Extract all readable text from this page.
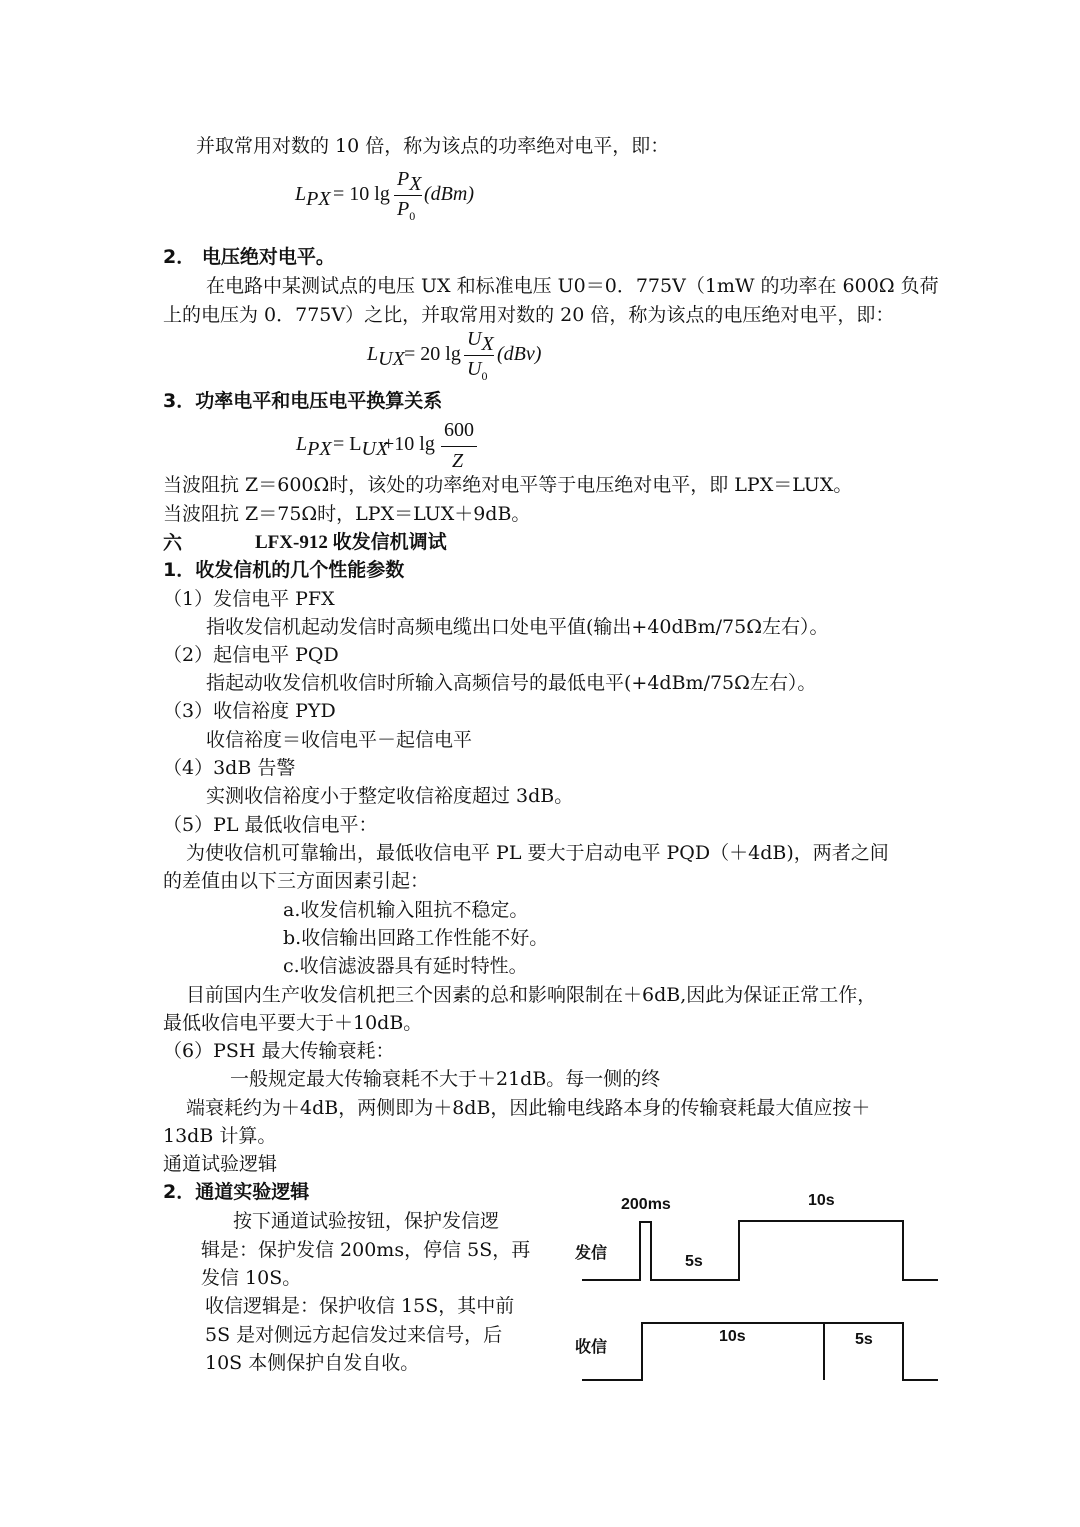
并取常用对数的 10 倍，称为该点的功率绝对电平，即：
$L_{PX} = 10$ lg
$P_X$
$P_0$
(dBm)
2． 电压绝对电平。
在电路中某测试点的电压 UX 和标准电压 U0＝0．775V（1mW 的功率在 600Ω 负荷
上的电压为 0．775V）之比，并取常用对数的 20 倍，称为该点的电压绝对电平，即：
$L_{UX} = 20$ lg
$U_X$
$U_0$
(dBv)
3．功率电平和电压电平换算关系
$L_{PX} = L_{UX}$
+10 lg
600
Z
当波阻抗 Z＝600Ω时，该处的功率绝对电平等于电压绝对电平，即 LPX＝LUX。
当波阻抗 Z＝75Ω时，LPX＝LUX＋9dB。
六	LFX-912 收发信机调试
1．收发信机的几个性能参数
（1）发信电平 PFX
指收发信机起动发信时高频电缆出口处电平值(输出+40dBm/75Ω左右）。
（2）起信电平 PQD
指起动收发信机收信时所输入高频信号的最低电平(+4dBm/75Ω左右）。
（3）收信裕度 PYD
收信裕度＝收信电平－起信电平
（4）3dB 告警
实测收信裕度小于整定收信裕度超过 3dB。
（5）PL 最低收信电平：
为使收信机可靠输出，最低收信电平 PL 要大于启动电平 PQD（＋4dB)，两者之间
的差值由以下三方面因素引起：
a.收发信机输入阻抗不稳定。
b.收信输出回路工作性能不好。
c.收信滤波器具有延时特性。
目前国内生产收发信机把三个因素的总和影响限制在＋6dB,因此为保证正常工作，
最低收信电平要大于＋10dB。
（6）PSH 最大传输衰耗：
一般规定最大传输衰耗不大于＋21dB。每一侧的终
端衰耗约为＋4dB，两侧即为＋8dB，因此输电线路本身的传输衰耗最大值应按＋
13dB 计算。
通道试验逻辑
2．通道实验逻辑
按下通道试验按钮，保护发信逻
辑是：保护发信 200ms，停信 5S，再
发信 10S。
收信逻辑是：保护收信 15S，其中前
5S 是对侧远方起信发过来信号，后
10S 本侧保护自发自收。
发信
收信
200ms
5s
10s
10s	5s
